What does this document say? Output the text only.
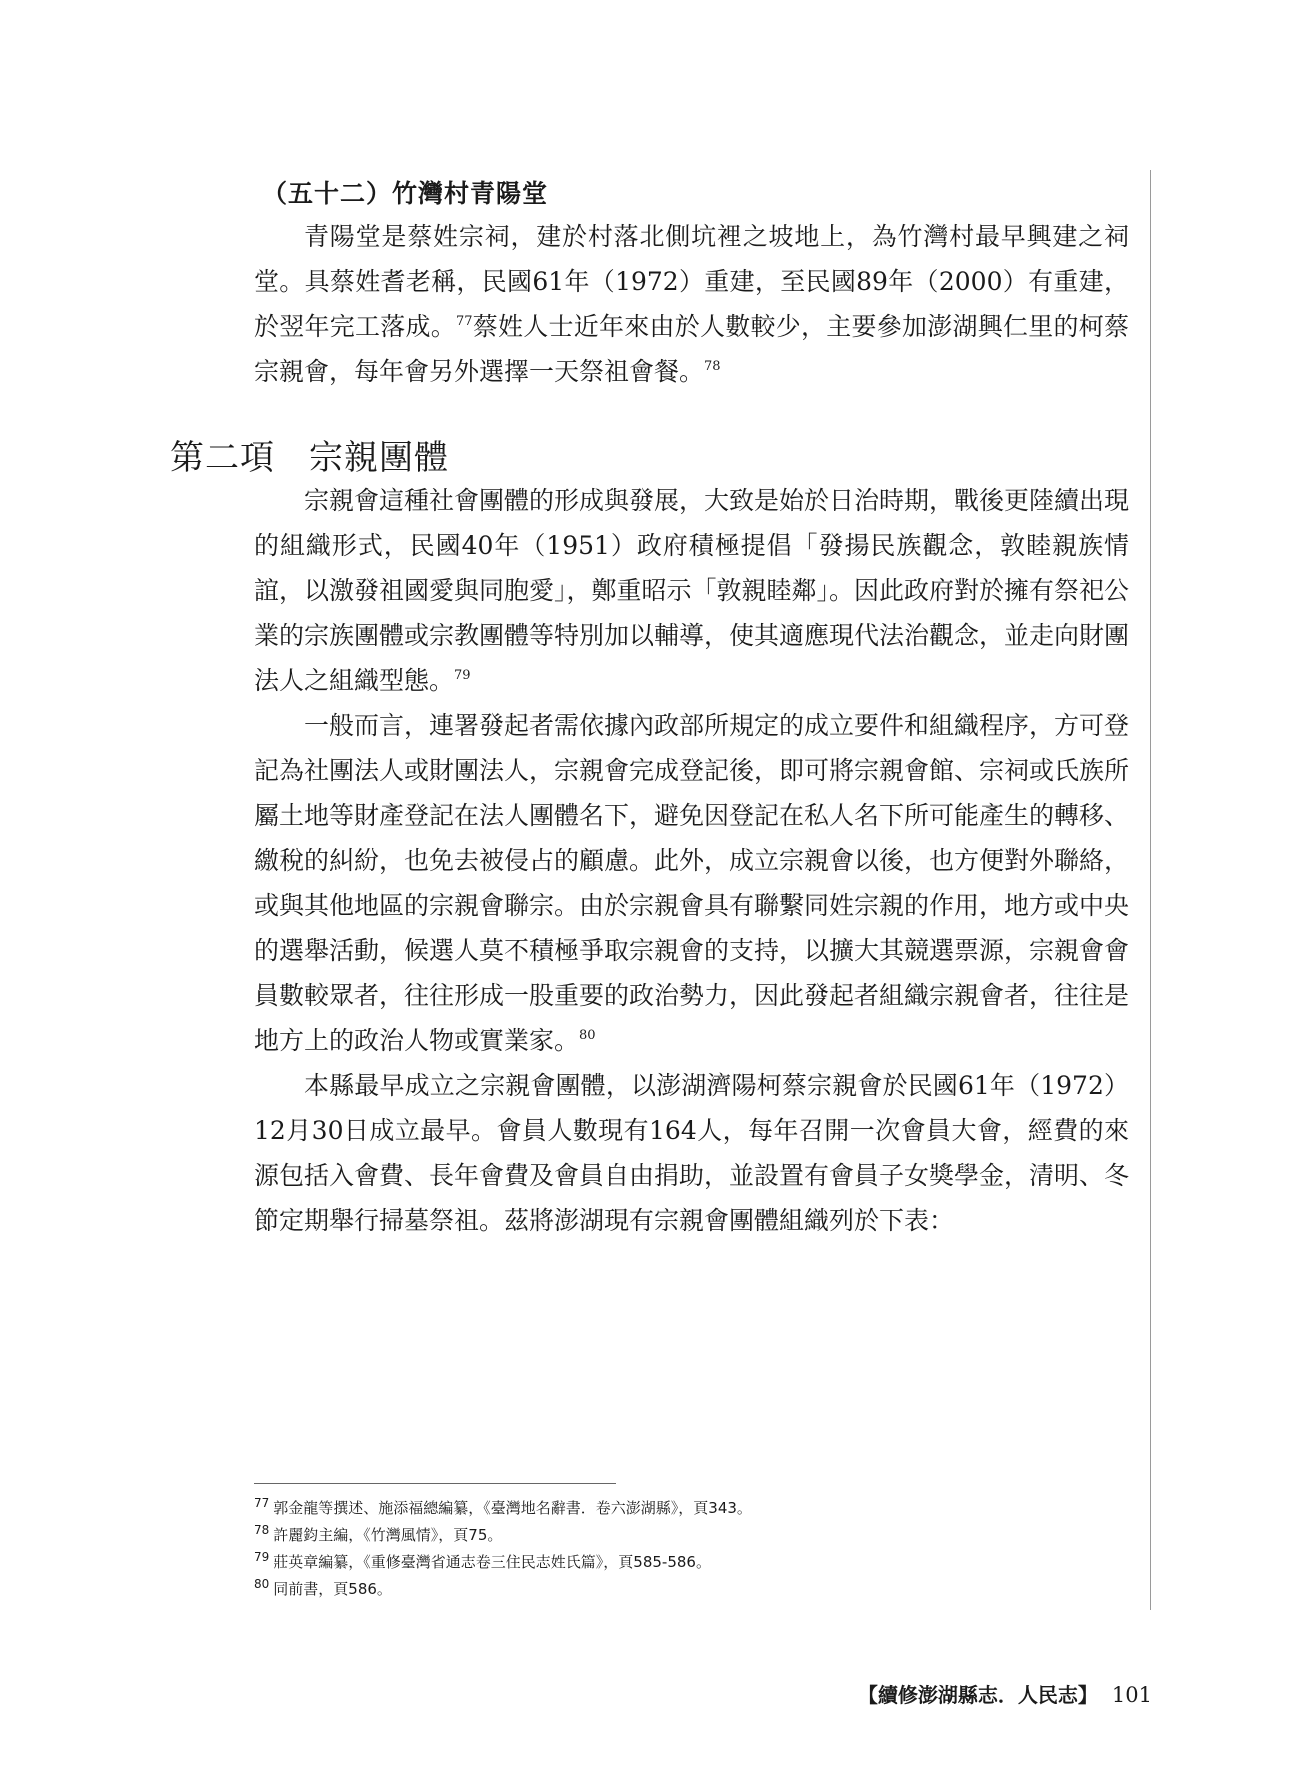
（五十二）竹灣村青陽堂

青陽堂是蔡姓宗祠，建於村落北側坑裡之坡地上，為竹灣村最早興建之祠堂。具蔡姓耆老稱，民國61年（1972）重建，至民國89年（2000）有重建，於翌年完工落成。$^{77}$蔡姓人士近年來由於人數較少，主要參加澎湖興仁里的柯蔡宗親會，每年會另外選擇一天祭祖會餐。$^{78}$

第二項 宗親團體

宗親會這種社會團體的形成與發展，大致是始於日治時期，戰後更陸續出現的組織形式，民國40年（1951）政府積極提倡「發揚民族觀念，敦睦親族情誼，以激發祖國愛與同胞愛」，鄭重昭示「敦親睦鄰」。因此政府對於擁有祭祀公業的宗族團體或宗教團體等特別加以輔導，使其適應現代法治觀念，並走向財團法人之組織型態。$^{79}$

一般而言，連署發起者需依據內政部所規定的成立要件和組織程序，方可登記為社團法人或財團法人，宗親會完成登記後，即可將宗親會館、宗祠或氏族所屬土地等財產登記在法人團體名下，避免因登記在私人名下所可能產生的轉移、繳稅的糾紛，也免去被侵占的顧慮。此外，成立宗親會以後，也方便對外聯絡，或與其他地區的宗親會聯宗。由於宗親會具有聯繫同姓宗親的作用，地方或中央的選舉活動，候選人莫不積極爭取宗親會的支持，以擴大其競選票源，宗親會會員數較眾者，往往形成一股重要的政治勢力，因此發起者組織宗親會者，往往是地方上的政治人物或實業家。$^{80}$

本縣最早成立之宗親會團體，以澎湖濟陽柯蔡宗親會於民國61年（1972）12月30日成立最早。會員人數現有164人，每年召開一次會員大會，經費的來源包括入會費、長年會費及會員自由捐助，並設置有會員子女獎學金，清明、冬節定期舉行掃墓祭祖。茲將澎湖現有宗親會團體組織列於下表：

$^{77}$ 郭金龍等撰述、施添福總編纂，《臺灣地名辭書．卷六澎湖縣》，頁343。
$^{78}$ 許麗鈞主編，《竹灣風情》，頁75。
$^{79}$ 莊英章編纂，《重修臺灣省通志卷三住民志姓氏篇》，頁585-586。
$^{80}$ 同前書，頁586。
【續修澎湖縣志．人民志】 101
